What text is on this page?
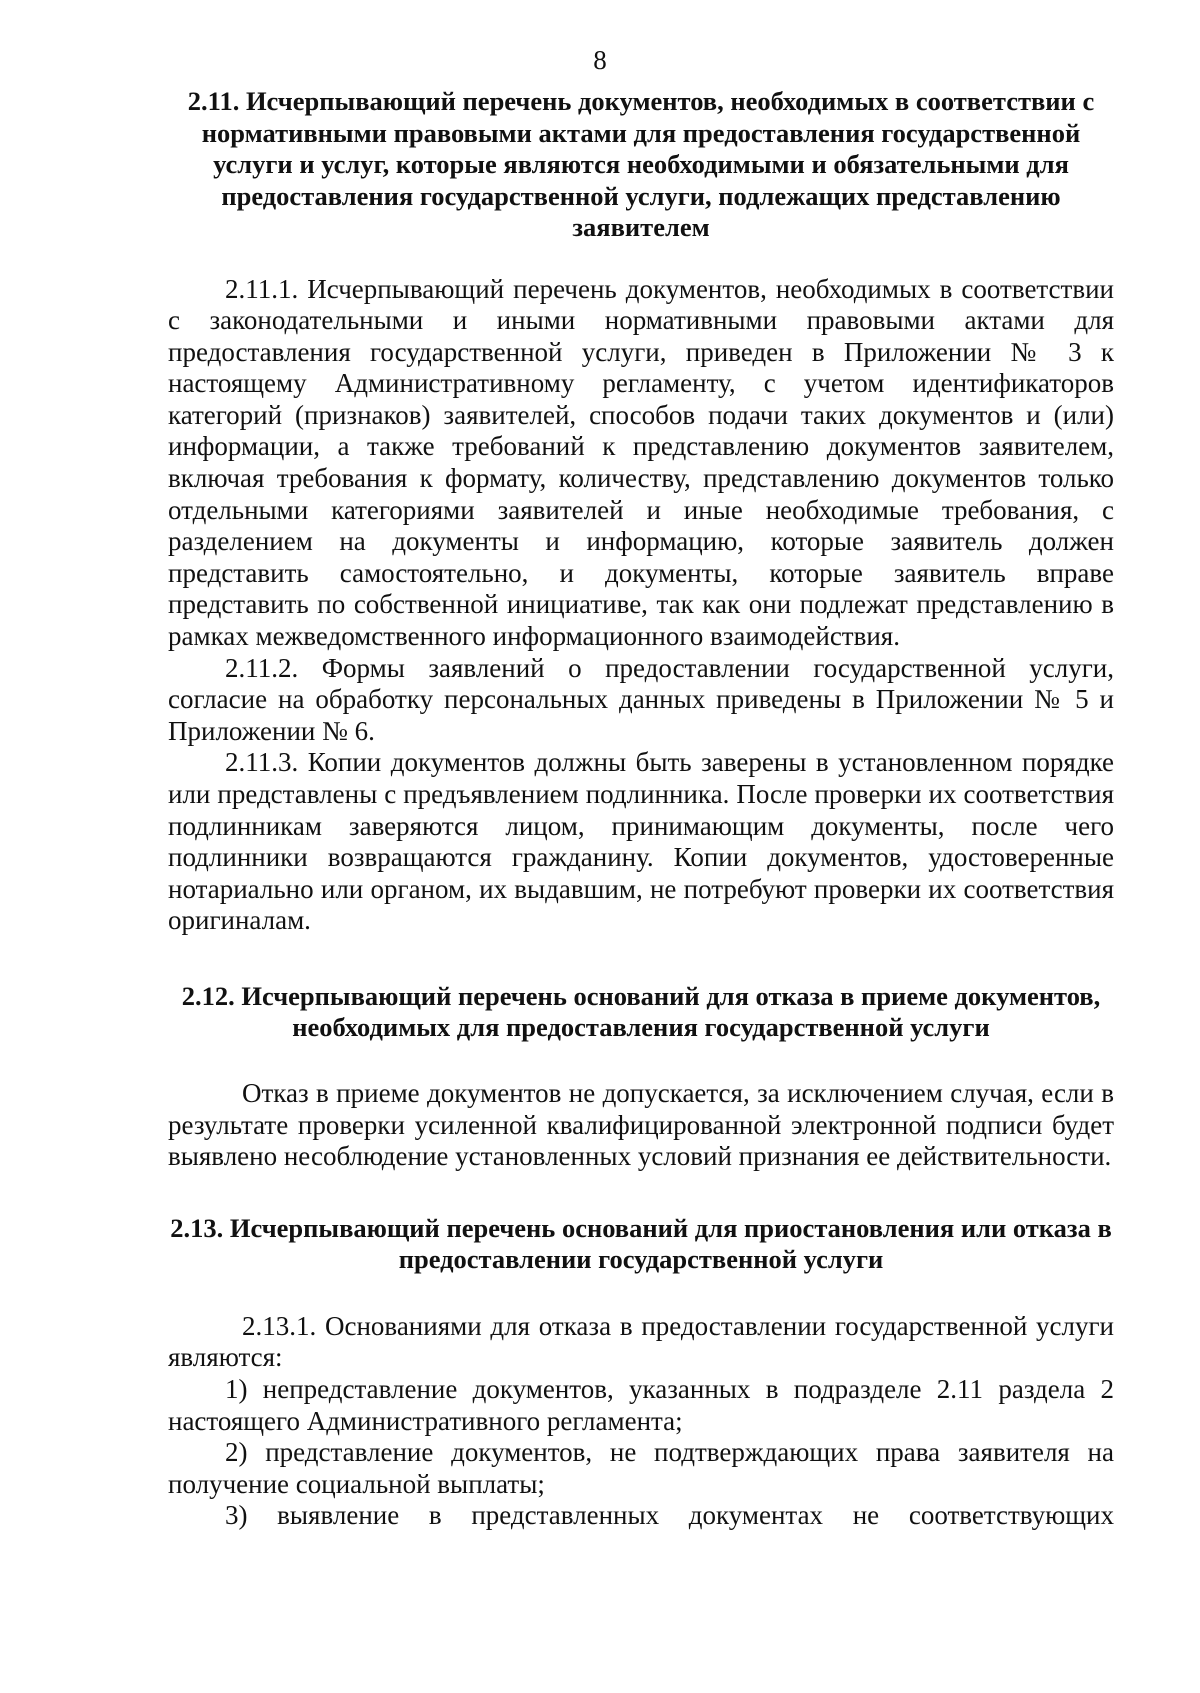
8
2.11. Исчерпывающий перечень документов, необходимых в соответствии с нормативными правовыми актами для предоставления государственной услуги и услуг, которые являются необходимыми и обязательными для предоставления государственной услуги, подлежащих представлению заявителем

2.11.1. Исчерпывающий перечень документов, необходимых в соответствии с законодательными и иными нормативными правовыми актами для предоставления государственной услуги, приведен в Приложении № 3 к настоящему Административному регламенту, с учетом идентификаторов категорий (признаков) заявителей, способов подачи таких документов и (или) информации, а также требований к представлению документов заявителем, включая требования к формату, количеству, представлению документов только отдельными категориями заявителей и иные необходимые требования, с разделением на документы и информацию, которые заявитель должен представить самостоятельно, и документы, которые заявитель вправе представить по собственной инициативе, так как они подлежат представлению в рамках межведомственного информационного взаимодействия.

2.11.2. Формы заявлений о предоставлении государственной услуги, согласие на обработку персональных данных приведены в Приложении № 5 и Приложении № 6.

2.11.3. Копии документов должны быть заверены в установленном порядке или представлены с предъявлением подлинника. После проверки их соответствия подлинникам заверяются лицом, принимающим документы, после чего подлинники возвращаются гражданину. Копии документов, удостоверенные нотариально или органом, их выдавшим, не потребуют проверки их соответствия оригиналам.

2.12. Исчерпывающий перечень оснований для отказа в приеме документов, необходимых для предоставления государственной услуги

Отказ в приеме документов не допускается, за исключением случая, если в результате проверки усиленной квалифицированной электронной подписи будет выявлено несоблюдение установленных условий признания ее действительности.

2.13. Исчерпывающий перечень оснований для приостановления или отказа в предоставлении государственной услуги

2.13.1. Основаниями для отказа в предоставлении государственной услуги являются:

1) непредставление документов, указанных в подразделе 2.11 раздела 2 настоящего Административного регламента;

2) представление документов, не подтверждающих права заявителя на получение социальной выплаты;

3) выявление в представленных документах не соответствующих
